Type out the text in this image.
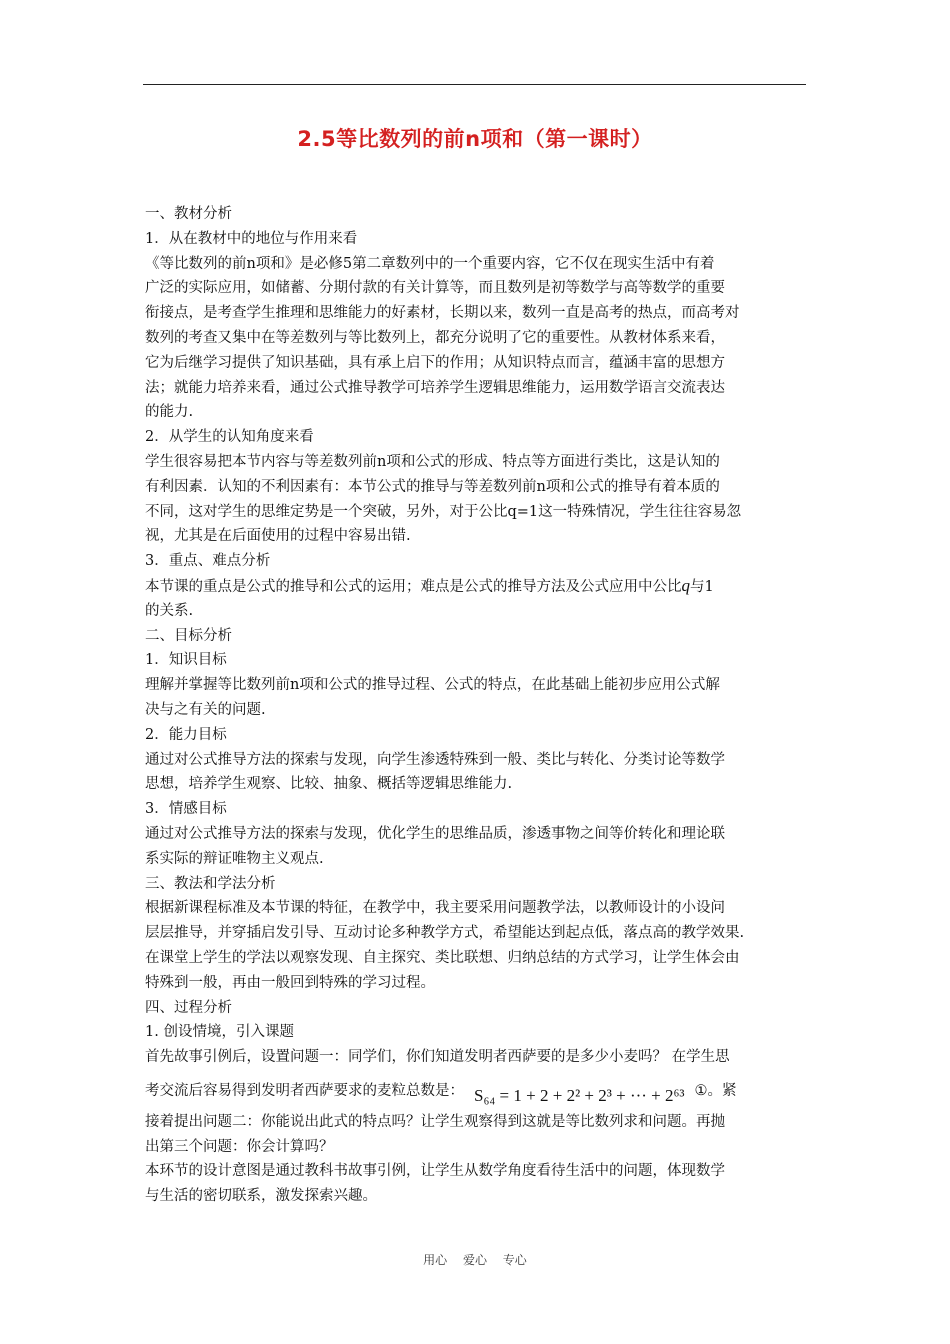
2.5等比数列的前n项和（第一课时）
一、教材分析
1．从在教材中的地位与作用来看
《等比数列的前n项和》是必修5第二章数列中的一个重要内容，它不仅在现实生活中有着
广泛的实际应用，如储蓄、分期付款的有关计算等，而且数列是初等数学与高等数学的重要
衔接点，是考查学生推理和思维能力的好素材，长期以来，数列一直是高考的热点，而高考对
数列的考查又集中在等差数列与等比数列上，都充分说明了它的重要性。从教材体系来看，
它为后继学习提供了知识基础，具有承上启下的作用；从知识特点而言，蕴涵丰富的思想方
法；就能力培养来看，通过公式推导教学可培养学生逻辑思维能力，运用数学语言交流表达
的能力.
2．从学生的认知角度来看
学生很容易把本节内容与等差数列前n项和公式的形成、特点等方面进行类比，这是认知的
有利因素．认知的不利因素有：本节公式的推导与等差数列前n项和公式的推导有着本质的
不同，这对学生的思维定势是一个突破，另外，对于公比q=1这一特殊情况，学生往往容易忽
视，尤其是在后面使用的过程中容易出错.
3．重点、难点分析
本节课的重点是公式的推导和公式的运用；难点是公式的推导方法及公式应用中公比q与1
的关系.
二、目标分析
1．知识目标
理解并掌握等比数列前n项和公式的推导过程、公式的特点，在此基础上能初步应用公式解
决与之有关的问题.
2．能力目标
通过对公式推导方法的探索与发现，向学生渗透特殊到一般、类比与转化、分类讨论等数学
思想，培养学生观察、比较、抽象、概括等逻辑思维能力.
3．情感目标
通过对公式推导方法的探索与发现，优化学生的思维品质，渗透事物之间等价转化和理论联
系实际的辩证唯物主义观点.
三、教法和学法分析
根据新课程标准及本节课的特征，在教学中，我主要采用问题教学法，以教师设计的小设问
层层推导，并穿插启发引导、互动讨论多种教学方式，希望能达到起点低，落点高的教学效果.
在课堂上学生的学法以观察发现、自主探究、类比联想、归纳总结的方式学习，让学生体会由
特殊到一般，再由一般回到特殊的学习过程。
四、过程分析
1. 创设情境，引入课题
首先故事引例后，设置问题一：同学们，你们知道发明者西萨要的是多少小麦吗？ 在学生思
考交流后容易得到发明者西萨要求的麦粒总数是： S₆₄ = 1 + 2 + 2² + 2³ + ··· + 2⁶³ ①。紧
接着提出问题二：你能说出此式的特点吗？让学生观察得到这就是等比数列求和问题。再抛
出第三个问题：你会计算吗？
本环节的设计意图是通过教科书故事引例，让学生从数学角度看待生活中的问题，体现数学
与生活的密切联系，激发探索兴趣。
用心 爱心 专心
